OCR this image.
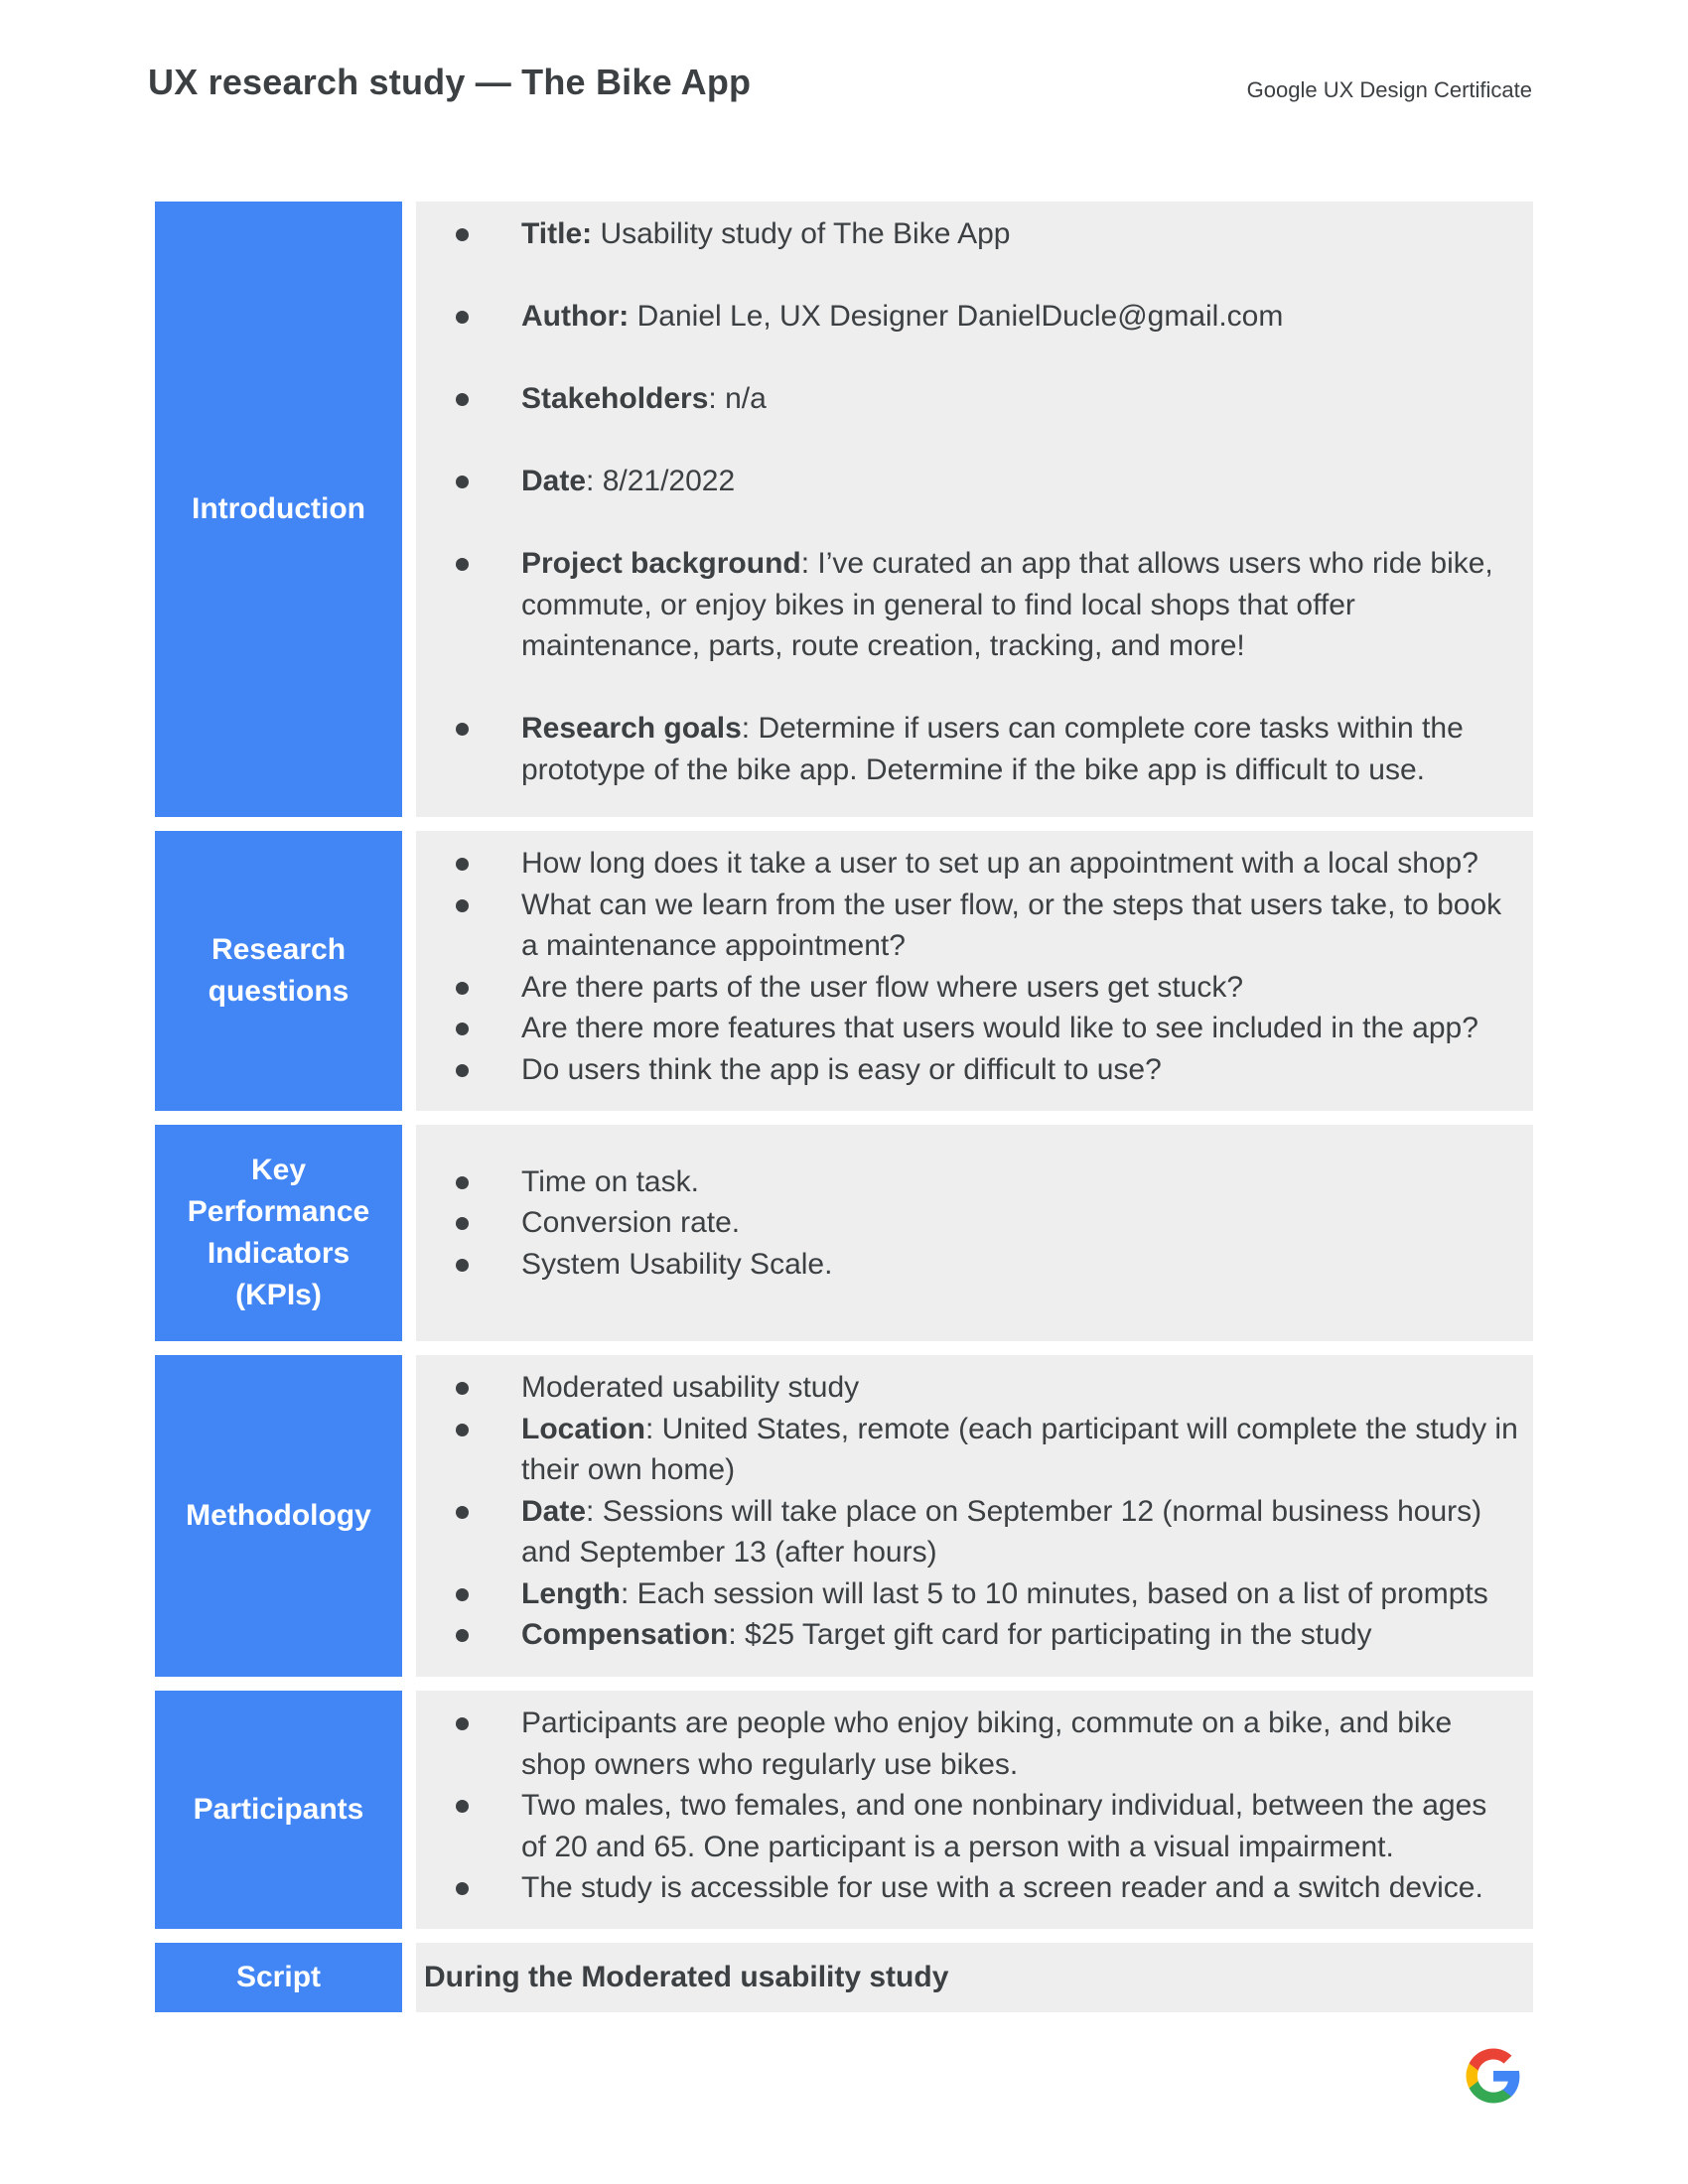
UX research study — The Bike App	Google UX Design Certificate
Introduction
Title: Usability study of The Bike App
Author: Daniel Le, UX Designer DanielDucle@gmail.com
Stakeholders: n/a
Date: 8/21/2022
Project background: I’ve curated an app that allows users who ride bike, commute, or enjoy bikes in general to find local shops that offer maintenance, parts, route creation, tracking, and more!
Research goals: Determine if users can complete core tasks within the prototype of the bike app. Determine if the bike app is difficult to use.
Research questions
How long does it take a user to set up an appointment with a local shop?
What can we learn from the user flow, or the steps that users take, to book a maintenance appointment?
Are there parts of the user flow where users get stuck?
Are there more features that users would like to see included in the app?
Do users think the app is easy or difficult to use?
Key Performance Indicators (KPIs)
Time on task.
Conversion rate.
System Usability Scale.
Methodology
Moderated usability study
Location: United States, remote (each participant will complete the study in their own home)
Date: Sessions will take place on September 12 (normal business hours) and September 13 (after hours)
Length: Each session will last 5 to 10 minutes, based on a list of prompts
Compensation: $25 Target gift card for participating in the study
Participants
Participants are people who enjoy biking, commute on a bike, and bike shop owners who regularly use bikes.
Two males, two females, and one nonbinary individual, between the ages of 20 and 65. One participant is a person with a visual impairment.
The study is accessible for use with a screen reader and a switch device.
Script	During the Moderated usability study
